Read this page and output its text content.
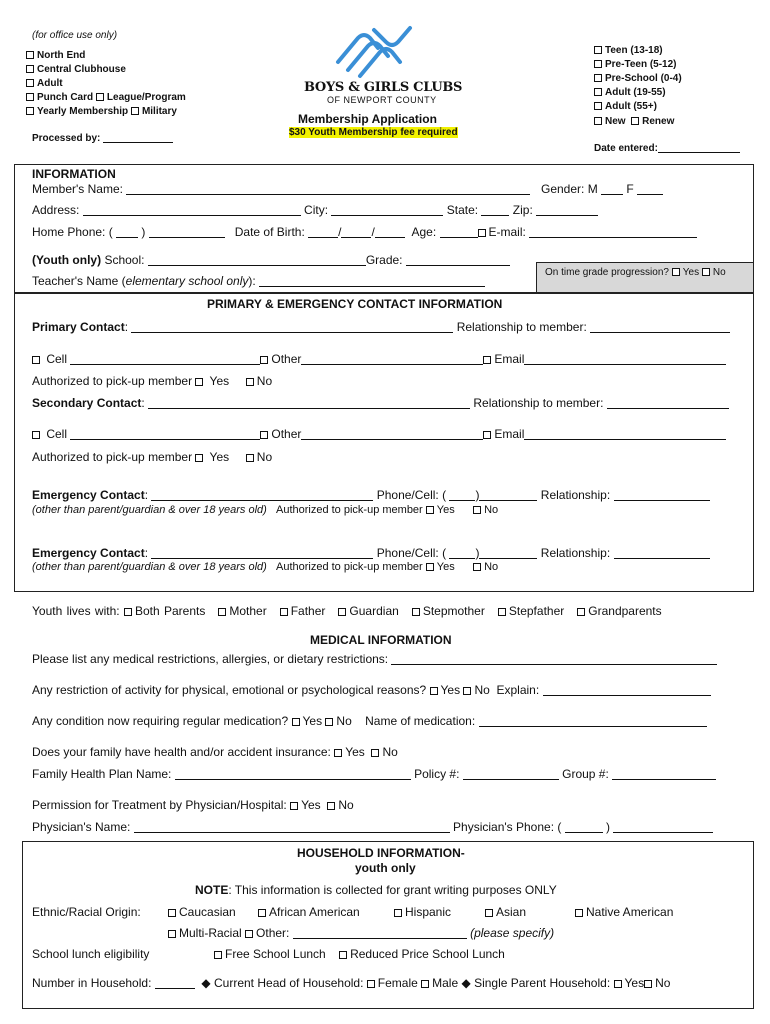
(for office use only)
North End
Central Clubhouse
Adult
Punch Card League/Program
Yearly Membership Military
Processed by:
BOYS & GIRLS CLUBS
OF NEWPORT COUNTY
Membership Application
$30 Youth Membership fee required
Teen (13-18)
Pre-Teen (5-12)
Pre-School (0-4)
Adult (19-55)
Adult (55+)
New Renew
Date entered:
INFORMATION
Member's Name:	Gender: M F
Address:	City:	State:	Zip:
Home Phone: (  )	Date of Birth:	/	/	Age:	E-mail:
(Youth only) School:	Grade:
On time grade progression? Yes No
Teacher's Name (elementary school only):
PRIMARY & EMERGENCY CONTACT INFORMATION
Primary Contact:	Relationship to member:
Cell	Other	Email
Authorized to pick-up member Yes No
Secondary Contact:	Relationship to member:
Cell	Other	Email
Authorized to pick-up member Yes No
Emergency Contact:	Phone/Cell: ( )	Relationship:
(other than parent/guardian & over 18 years old) Authorized to pick-up member Yes	No
Emergency Contact:	Phone/Cell: ( )	Relationship:
(other than parent/guardian & over 18 years old) Authorized to pick-up member Yes	No
Youth lives with: Both Parents Mother Father Guardian Stepmother Stepfather Grandparents
MEDICAL INFORMATION
Please list any medical restrictions, allergies, or dietary restrictions:
Any restriction of activity for physical, emotional or psychological reasons? Yes No Explain:
Any condition now requiring regular medication? Yes No Name of medication:
Does your family have health and/or accident insurance: Yes No
Family Health Plan Name:	Policy #:	Group #:
Permission for Treatment by Physician/Hospital: Yes No
Physician's Name:	Physician's Phone: (	)
HOUSEHOLD INFORMATION-
youth only
NOTE: This information is collected for grant writing purposes ONLY
Ethnic/Racial Origin:	Caucasian	African American	Hispanic	Asian	Native American
Multi-Racial Other:	(please specify)
School lunch eligibility	Free School Lunch Reduced Price School Lunch
Number in Household:	◆ Current Head of Household: Female Male ◆ Single Parent Household: Yes No
